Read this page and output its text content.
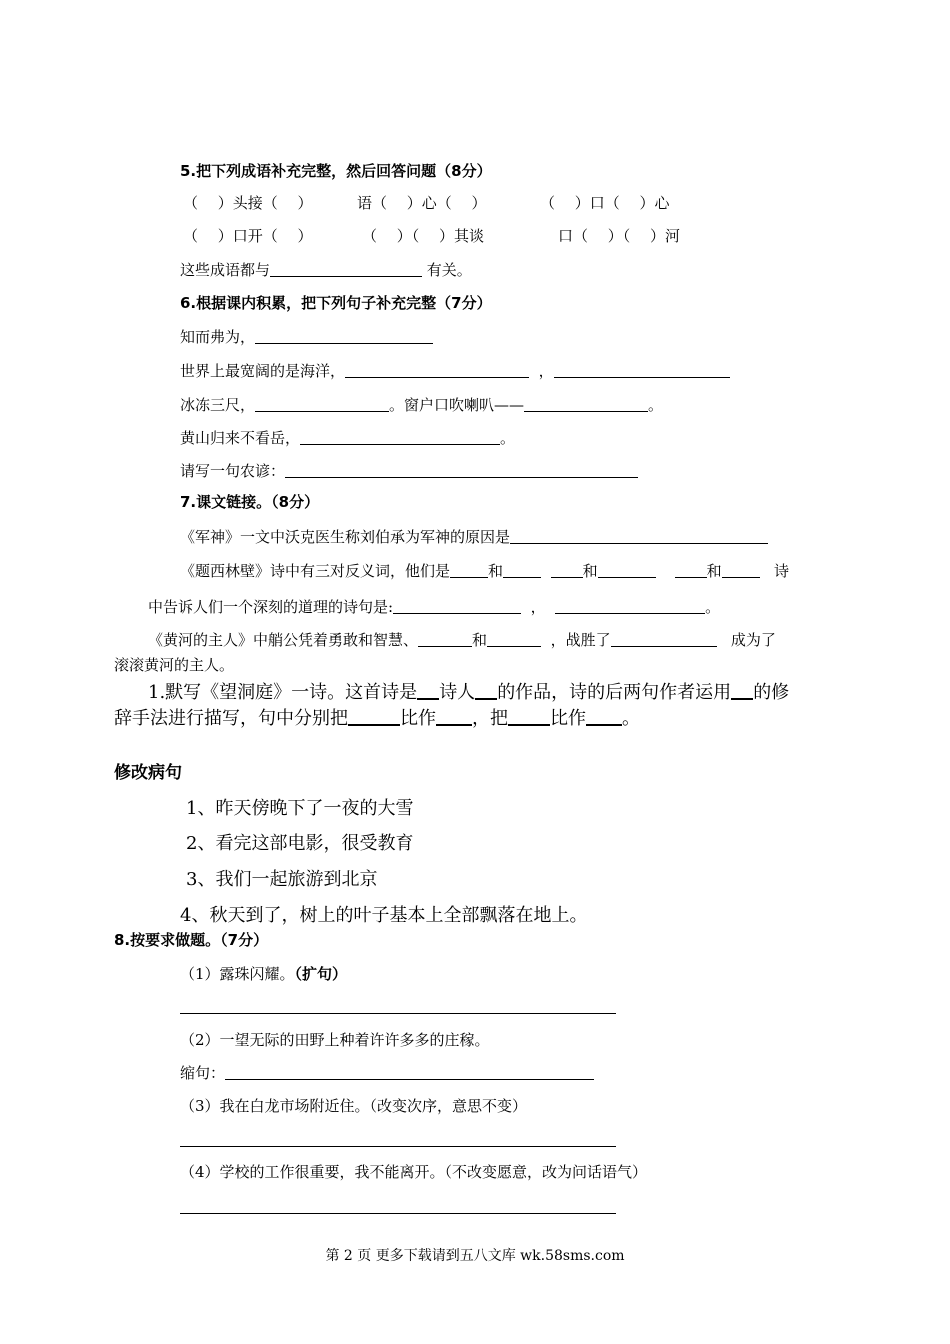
5.把下列成语补充完整，然后回答问题（8分）
（　 ）头接（　 ）	语（　 ）心（　 ）	（　 ）口（　 ）心
（　 ）口开（　 ）	（　 ）（　 ）其谈	口（　 ）（　 ）河
这些成语都与	有关。
6.根据课内积累，把下列句子补充完整（7分）
知而弗为，
世界上最宽阔的是海洋，	，
冰冻三尺，	。窗户口吹喇叭——	。
黄山归来不看岳，	。
请写一句农谚：
7.课文链接。（8分）
《军神》一文中沃克医生称刘伯承为军神的原因是
《题西林壁》诗中有三对反义词，他们是	和	和	和	诗
中告诉人们一个深刻的道理的诗句是:	，	。
《黄河的主人》中艄公凭着勇敢和智慧、	和	，战胜了	成为了
滚滚黄河的主人。
1.默写《望洞庭》一诗。这首诗是 诗人 的作品，诗的后两句作者运用 的修
辞手法进行描写，句中分别把	比作 ，把 比作 。
修改病句
1、昨天傍晚下了一夜的大雪
2、看完这部电影，很受教育
3、我们一起旅游到北京
4、秋天到了，树上的叶子基本上全部飘落在地上。
8.按要求做题。（7分）
（1）露珠闪耀。（扩句）
（2）一望无际的田野上种着许许多多的庄稼。
缩句：
（3）我在白龙市场附近住。（改变次序，意思不变）
（4）学校的工作很重要，我不能离开。（不改变愿意，改为问话语气）
第 2 页 更多下载请到五八文库 wk.58sms.com
